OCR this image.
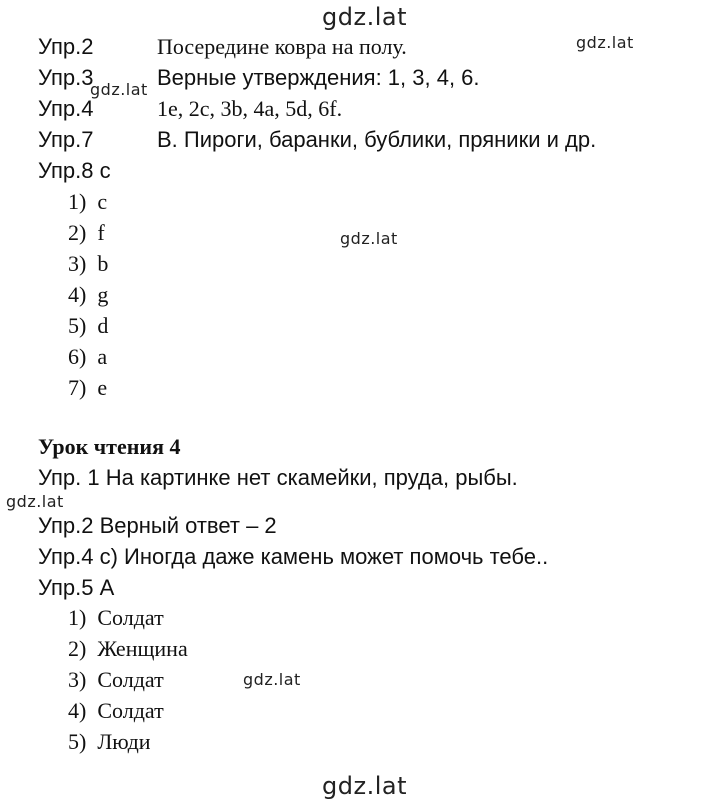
gdz.lat
gdz.lat
gdz.lat
gdz.lat
gdz.lat
gdz.lat
gdz.lat
Упр.2	Посередине ковра на полу.
Упр.3	Верные утверждения: 1, 3, 4, 6.
Упр.4	1e, 2c, 3b, 4a, 5d, 6f.
Упр.7	В. Пироги, баранки, бублики, пряники и др.
Упр.8 c
1) c
2) f
3) b
4) g
5) d
6) a
7) e
Урок чтения 4
Упр. 1 На картинке нет скамейки, пруда, рыбы.
Упр.2 Верный ответ – 2
Упр.4 c) Иногда даже камень может помочь тебе..
Упр.5 А
1) Солдат
2) Женщина
3) Солдат
4) Солдат
5) Люди
